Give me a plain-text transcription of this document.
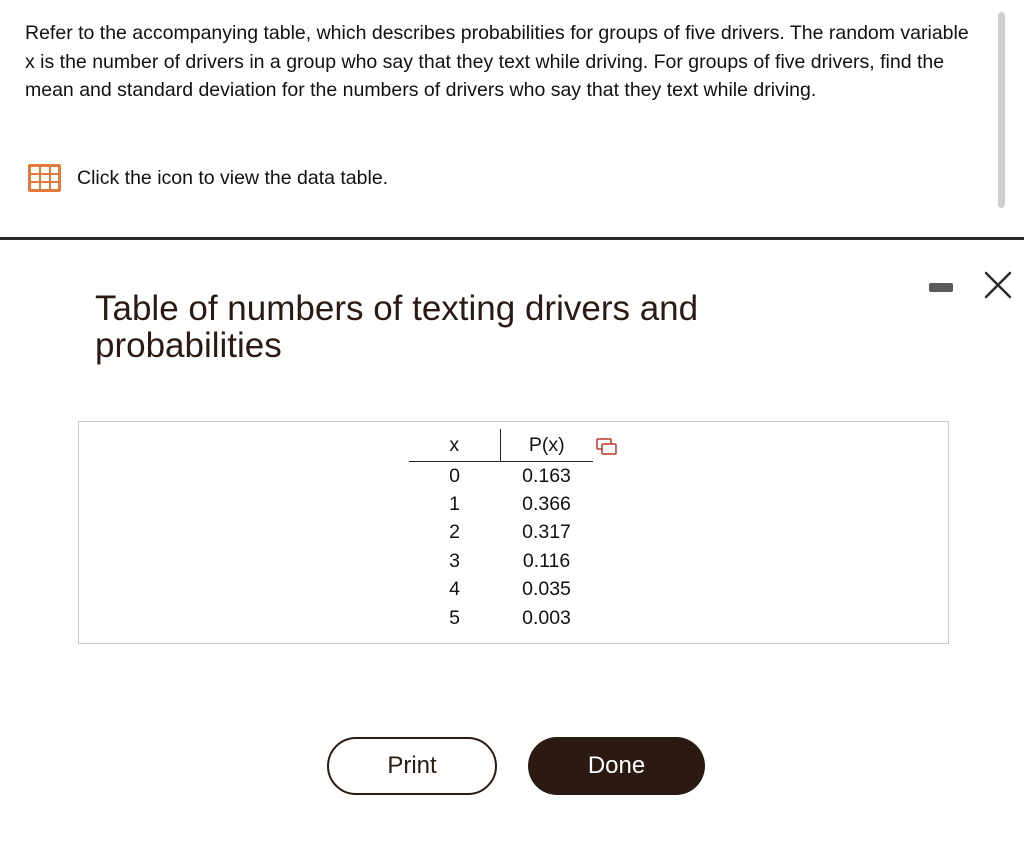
Refer to the accompanying table, which describes probabilities for groups of five drivers. The random variable x is the number of drivers in a group who say that they text while driving. For groups of five drivers, find the mean and standard deviation for the numbers of drivers who say that they text while driving.
Click the icon to view the data table.
Table of numbers of texting drivers and probabilities
x	P(x)
0	0.163
1	0.366
2	0.317
3	0.116
4	0.035
5	0.003
Print	Done
